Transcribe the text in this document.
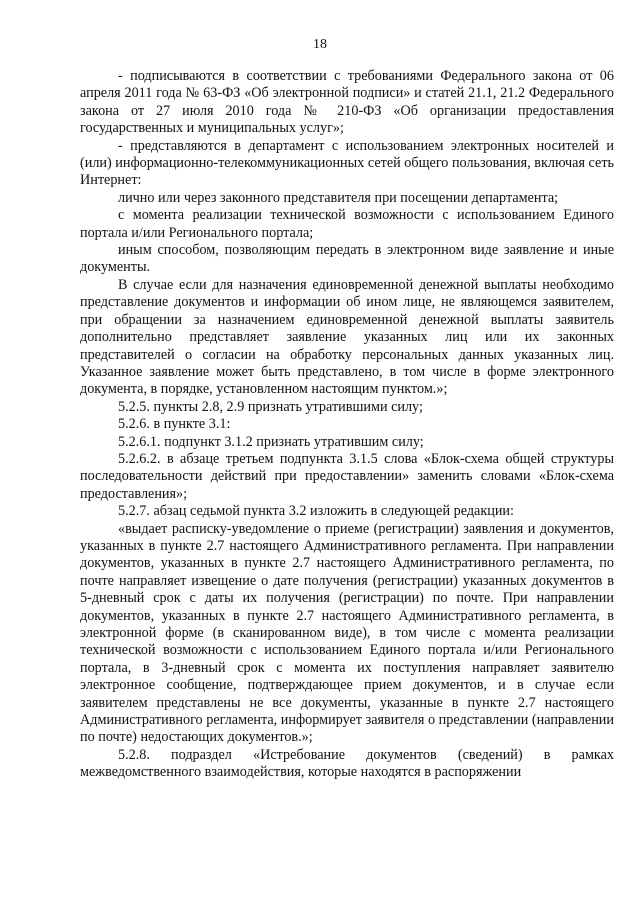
18

- подписываются в соответствии с требованиями Федерального закона от 06 апреля 2011 года № 63-ФЗ «Об электронной подписи» и статей 21.1, 21.2 Федерального закона от 27 июля 2010 года № 210-ФЗ «Об организации предоставления государственных и муниципальных услуг»;

- представляются в департамент с использованием электронных носителей и (или) информационно-телекоммуникационных сетей общего пользования, включая сеть Интернет:

лично или через законного представителя при посещении департамента;

с момента реализации технической возможности с использованием Единого портала и/или Регионального портала;

иным способом, позволяющим передать в электронном виде заявление и иные документы.

В случае если для назначения единовременной денежной выплаты необходимо представление документов и информации об ином лице, не являющемся заявителем, при обращении за назначением единовременной денежной выплаты заявитель дополнительно представляет заявление указанных лиц или их законных представителей о согласии на обработку персональных данных указанных лиц. Указанное заявление может быть представлено, в том числе в форме электронного документа, в порядке, установленном настоящим пунктом.»;

5.2.5. пункты 2.8, 2.9 признать утратившими силу;

5.2.6. в пункте 3.1:

5.2.6.1. подпункт 3.1.2 признать утратившим силу;

5.2.6.2. в абзаце третьем подпункта 3.1.5 слова «Блок-схема общей структуры последовательности действий при предоставлении» заменить словами «Блок-схема предоставления»;

5.2.7. абзац седьмой пункта 3.2 изложить в следующей редакции:

«выдает расписку-уведомление о приеме (регистрации) заявления и документов, указанных в пункте 2.7 настоящего Административного регламента. При направлении документов, указанных в пункте 2.7 настоящего Административного регламента, по почте направляет извещение о дате получения (регистрации) указанных документов в 5-дневный срок с даты их получения (регистрации) по почте. При направлении документов, указанных в пункте 2.7 настоящего Административного регламента, в электронной форме (в сканированном виде), в том числе с момента реализации технической возможности с использованием Единого портала и/или Регионального портала, в 3-дневный срок с момента их поступления направляет заявителю электронное сообщение, подтверждающее прием документов, и в случае если заявителем представлены не все документы, указанные в пункте 2.7 настоящего Административного регламента, информирует заявителя о представлении (направлении по почте) недостающих документов.»;

5.2.8. подраздел «Истребование документов (сведений) в рамках межведомственного взаимодействия, которые находятся в распоряжении
